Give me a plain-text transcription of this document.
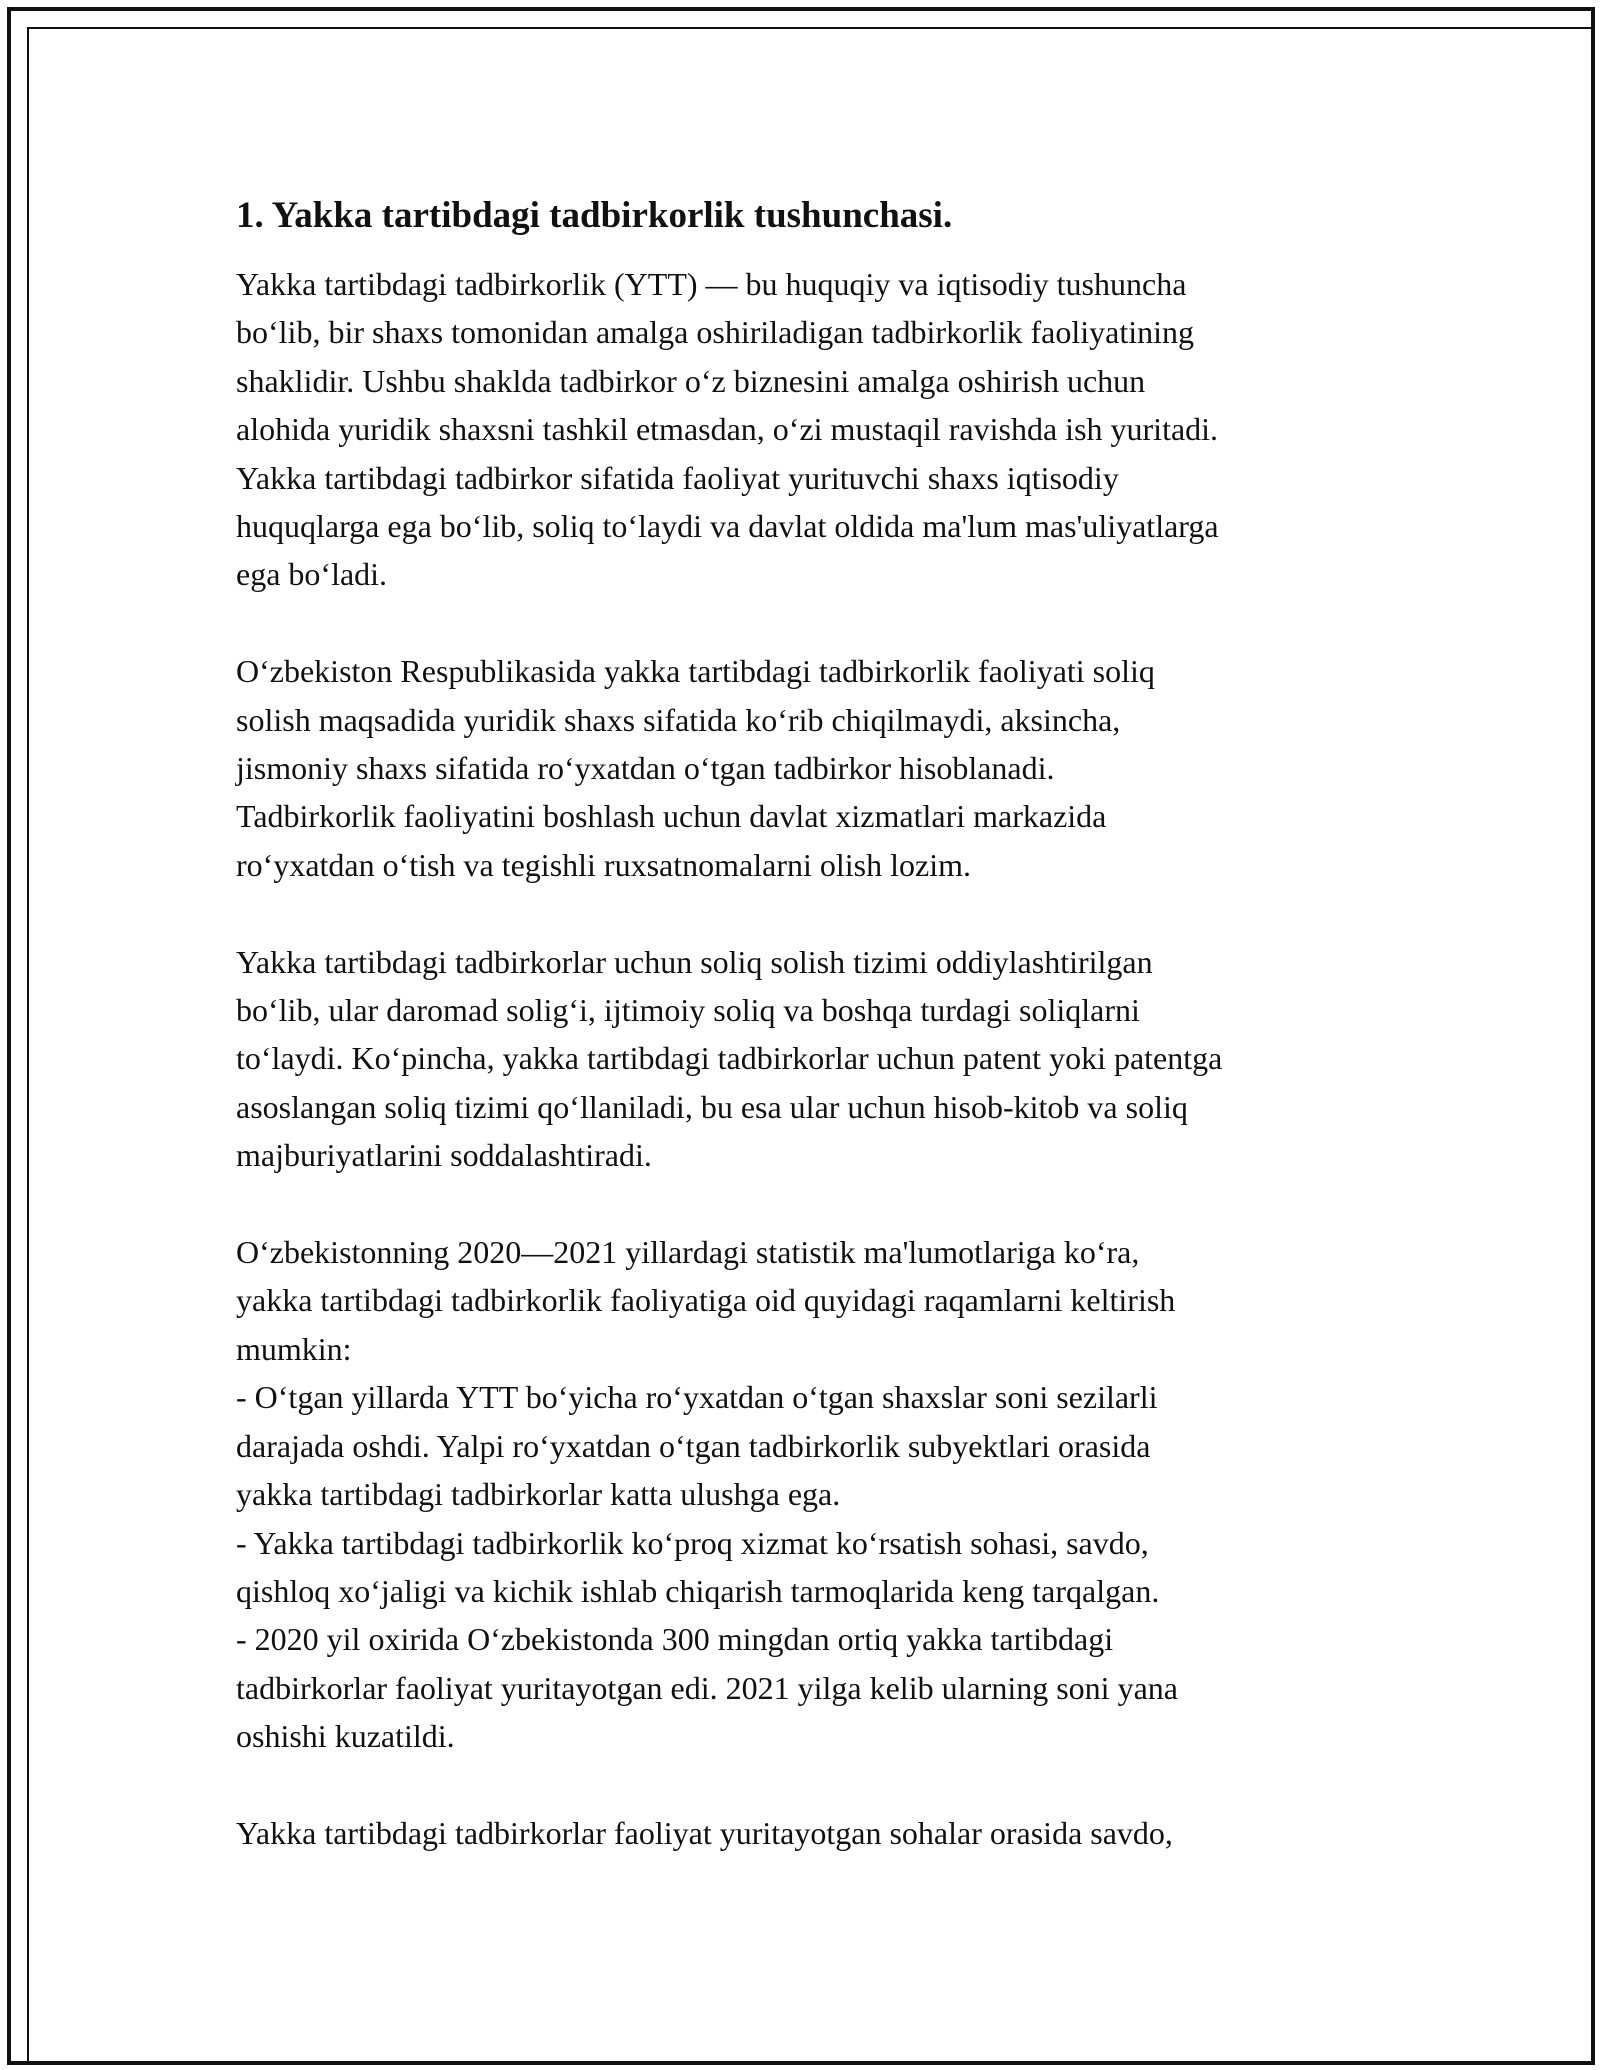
1. Yakka tartibdagi tadbirkorlik tushunchasi.

Yakka tartibdagi tadbirkorlik (YTT) — bu huquqiy va iqtisodiy tushuncha
bo‘lib, bir shaxs tomonidan amalga oshiriladigan tadbirkorlik faoliyatining
shaklidir. Ushbu shaklda tadbirkor o‘z biznesini amalga oshirish uchun
alohida yuridik shaxsni tashkil etmasdan, o‘zi mustaqil ravishda ish yuritadi.
Yakka tartibdagi tadbirkor sifatida faoliyat yurituvchi shaxs iqtisodiy
huquqlarga ega bo‘lib, soliq to‘laydi va davlat oldida ma'lum mas'uliyatlarga
ega bo‘ladi.

O‘zbekiston Respublikasida yakka tartibdagi tadbirkorlik faoliyati soliq
solish maqsadida yuridik shaxs sifatida ko‘rib chiqilmaydi, aksincha,
jismoniy shaxs sifatida ro‘yxatdan o‘tgan tadbirkor hisoblanadi.
Tadbirkorlik faoliyatini boshlash uchun davlat xizmatlari markazida
ro‘yxatdan o‘tish va tegishli ruxsatnomalarni olish lozim.

Yakka tartibdagi tadbirkorlar uchun soliq solish tizimi oddiylashtirilgan
bo‘lib, ular daromad solig‘i, ijtimoiy soliq va boshqa turdagi soliqlarni
to‘laydi. Ko‘pincha, yakka tartibdagi tadbirkorlar uchun patent yoki patentga
asoslangan soliq tizimi qo‘llaniladi, bu esa ular uchun hisob-kitob va soliq
majburiyatlarini soddalashtiradi.

O‘zbekistonning 2020—2021 yillardagi statistik ma'lumotlariga ko‘ra,
yakka tartibdagi tadbirkorlik faoliyatiga oid quyidagi raqamlarni keltirish
mumkin:
- O‘tgan yillarda YTT bo‘yicha ro‘yxatdan o‘tgan shaxslar soni sezilarli
darajada oshdi. Yalpi ro‘yxatdan o‘tgan tadbirkorlik subyektlari orasida
yakka tartibdagi tadbirkorlar katta ulushga ega.
- Yakka tartibdagi tadbirkorlik ko‘proq xizmat ko‘rsatish sohasi, savdo,
qishloq xo‘jaligi va kichik ishlab chiqarish tarmoqlarida keng tarqalgan.
- 2020 yil oxirida O‘zbekistonda 300 mingdan ortiq yakka tartibdagi
tadbirkorlar faoliyat yuritayotgan edi. 2021 yilga kelib ularning soni yana
oshishi kuzatildi.

Yakka tartibdagi tadbirkorlar faoliyat yuritayotgan sohalar orasida savdo,
